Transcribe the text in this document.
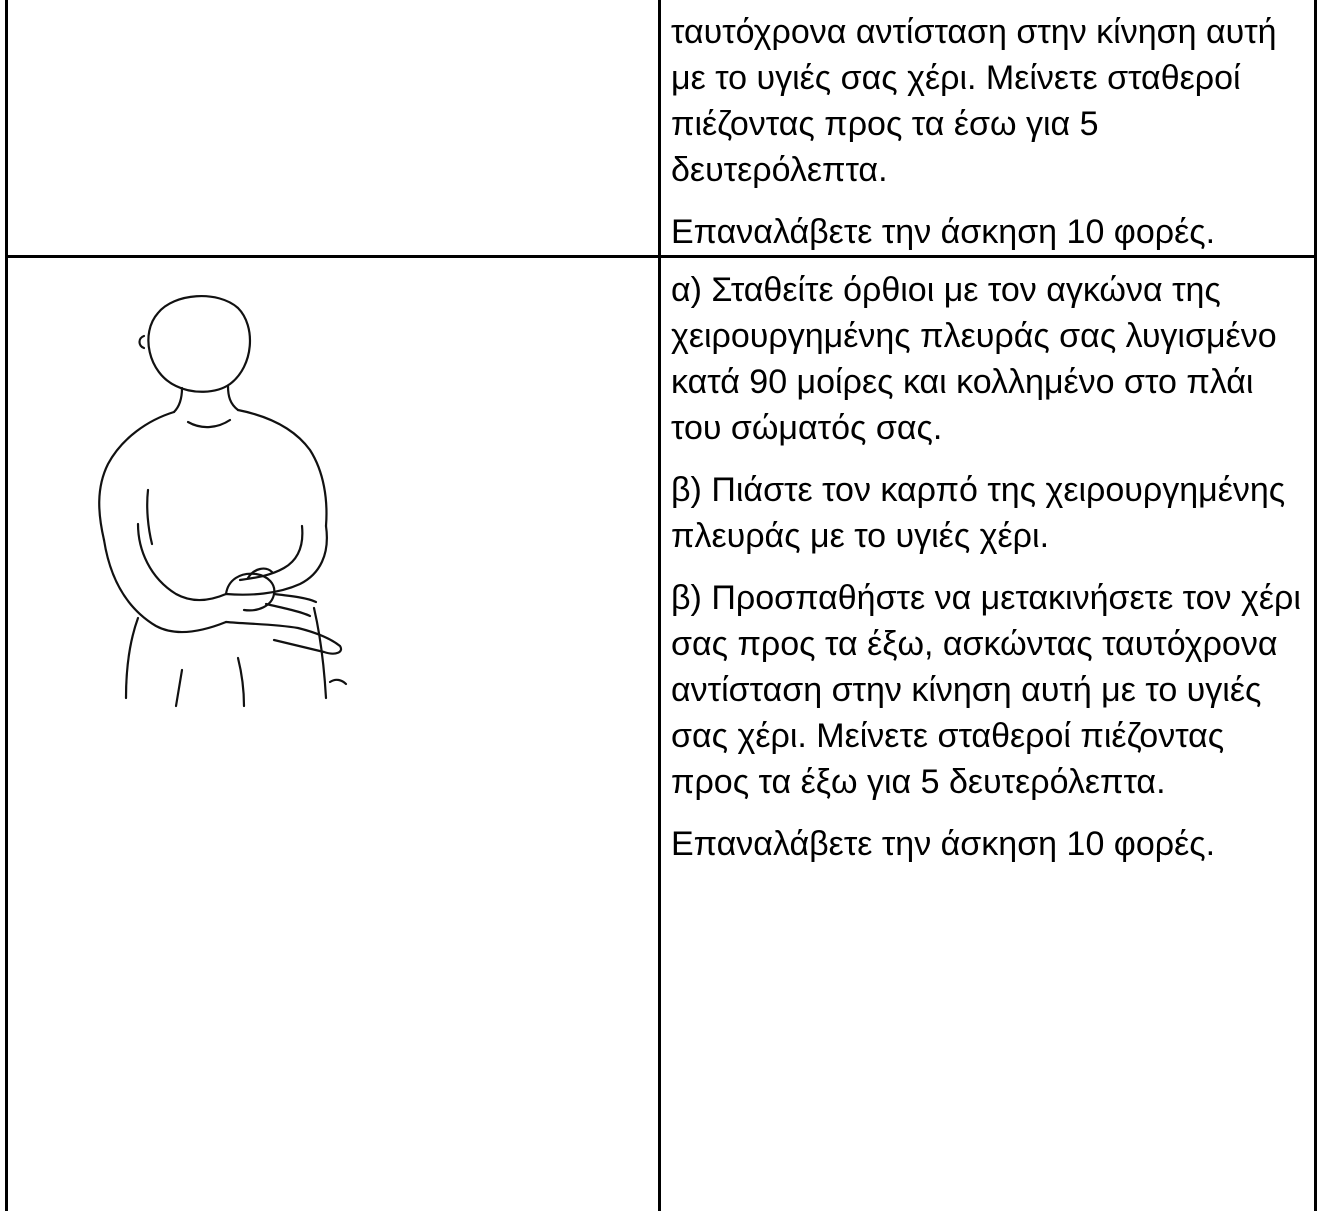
	ταυτόχρονα αντίσταση στην κίνηση αυτή με το υγιές σας χέρι. Μείνετε σταθεροί πιέζοντας προς τα έσω για 5 δευτερόλεπτα.

Επαναλάβετε την άσκηση 10 φορές.

α) Σταθείτε όρθιοι με τον αγκώνα της χειρουργημένης πλευράς σας λυγισμένο κατά 90 μοίρες και κολλημένο στο πλάι του σώματός σας.

β) Πιάστε τον καρπό της χειρουργημένης πλευράς με το υγιές χέρι.

β) Προσπαθήστε να μετακινήσετε τον χέρι σας προς τα έξω, ασκώντας ταυτόχρονα αντίσταση στην κίνηση αυτή με το υγιές σας χέρι. Μείνετε σταθεροί πιέζοντας προς τα έξω για 5 δευτερόλεπτα.

Επαναλάβετε την άσκηση 10 φορές.
